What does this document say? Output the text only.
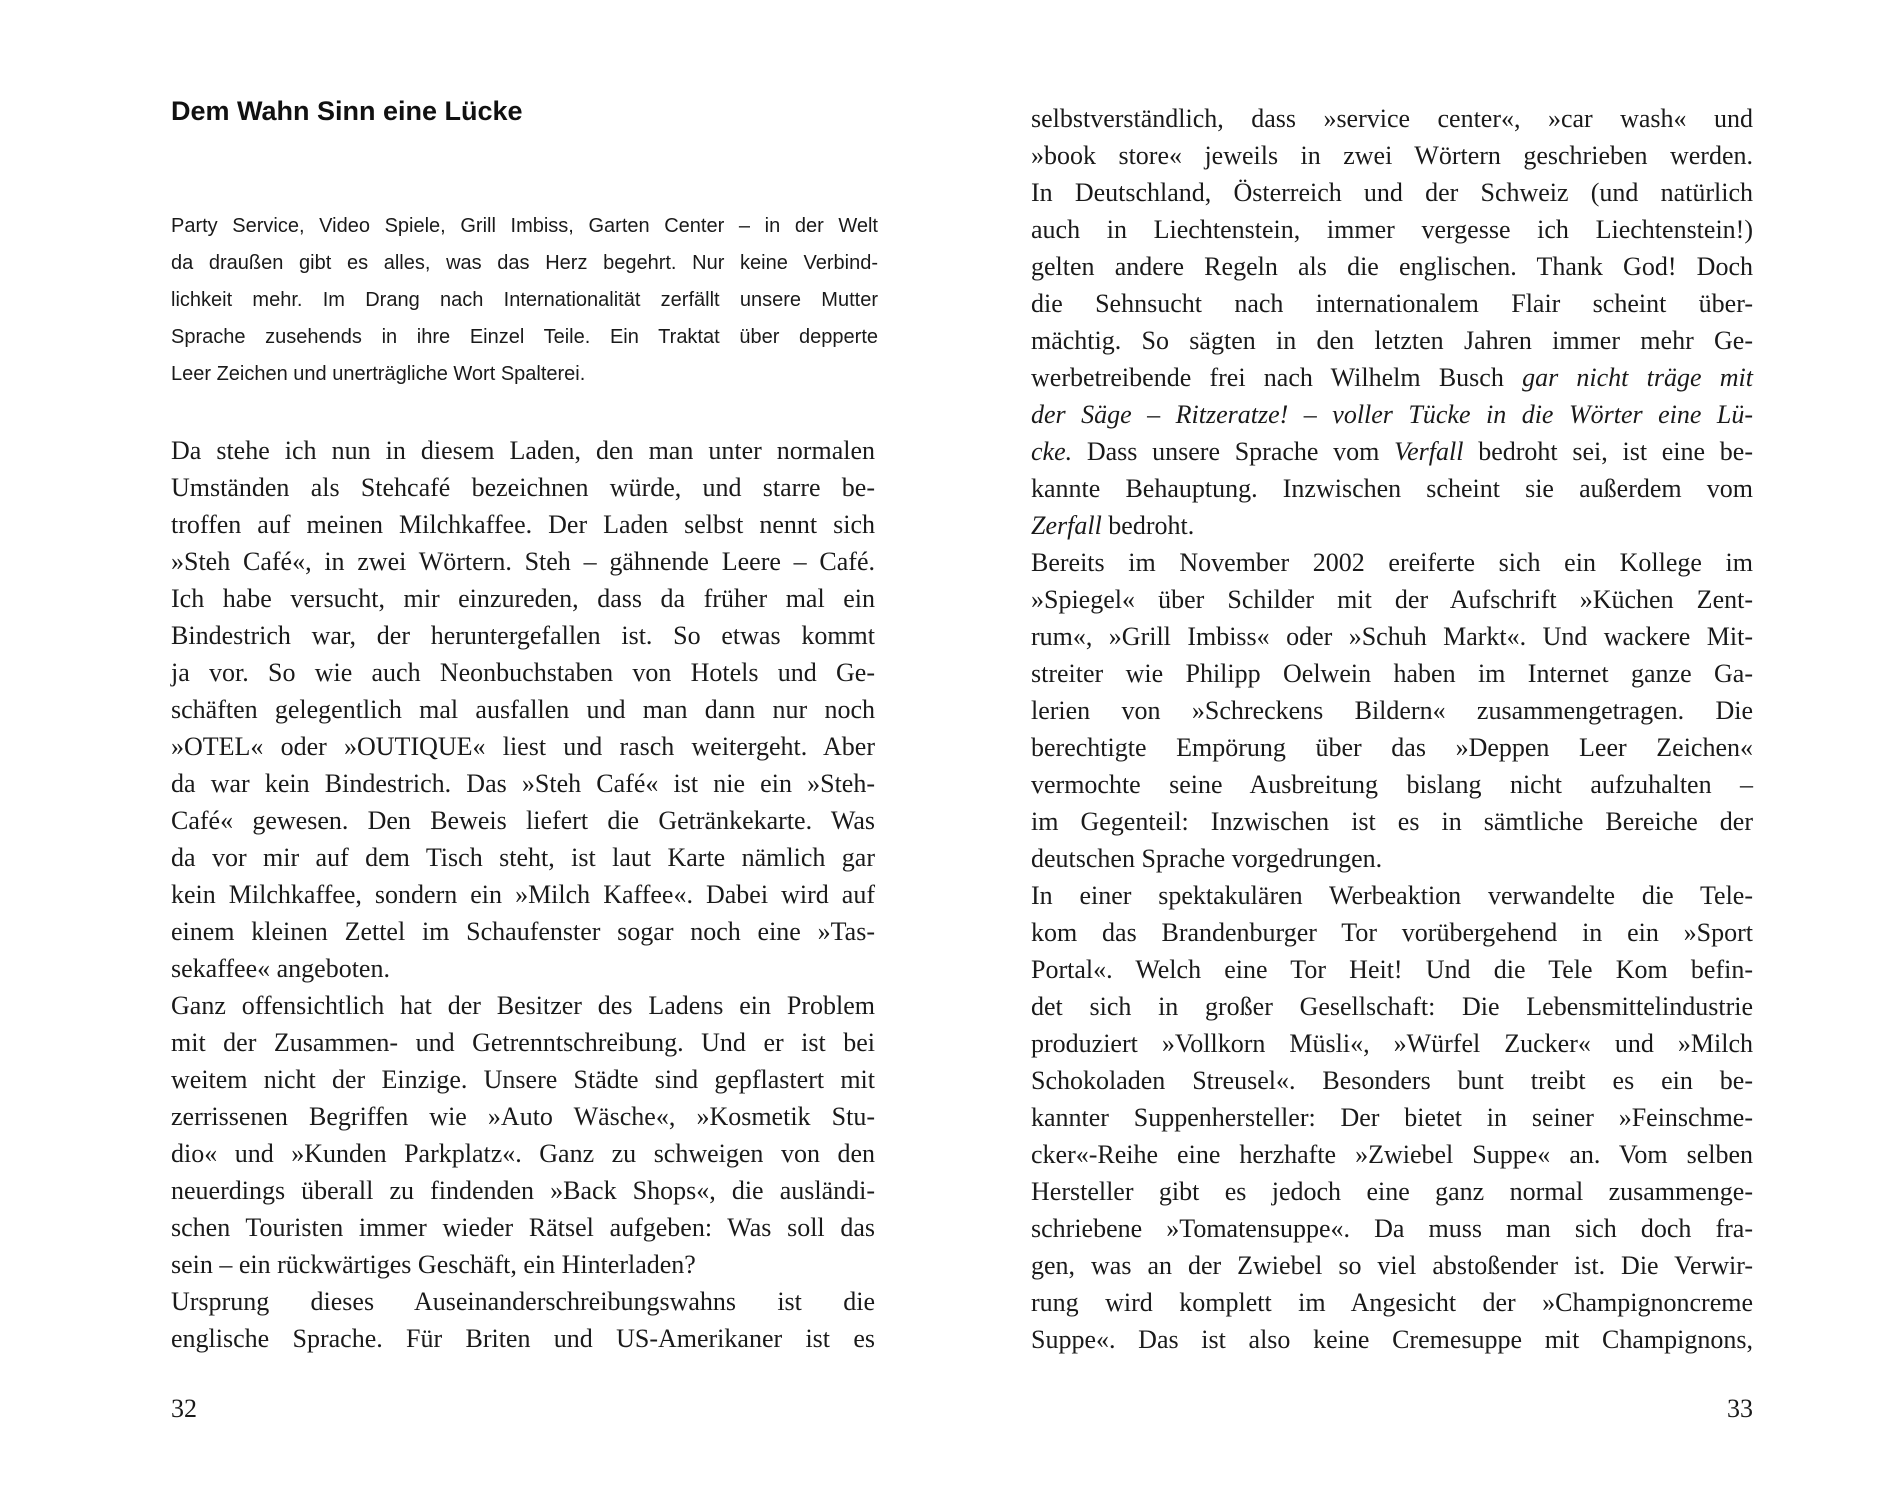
Dem Wahn Sinn eine Lücke
Party Service, Video Spiele, Grill Imbiss, Garten Center – in der Welt
da draußen gibt es alles, was das Herz begehrt. Nur keine Verbind-
lichkeit mehr. Im Drang nach Internationalität zerfällt unsere Mutter
Sprache zusehends in ihre Einzel Teile. Ein Traktat über depperte
Leer Zeichen und unerträgliche Wort Spalterei.
Da stehe ich nun in diesem Laden, den man unter normalen
Umständen als Stehcafé bezeichnen würde, und starre be-
troffen auf meinen Milchkaffee. Der Laden selbst nennt sich
»Steh Café«, in zwei Wörtern. Steh – gähnende Leere – Café.
Ich habe versucht, mir einzureden, dass da früher mal ein
Bindestrich war, der heruntergefallen ist. So etwas kommt
ja vor. So wie auch Neonbuchstaben von Hotels und Ge-
schäften gelegentlich mal ausfallen und man dann nur noch
»OTEL« oder »OUTIQUE« liest und rasch weitergeht. Aber
da war kein Bindestrich. Das »Steh Café« ist nie ein »Steh-
Café« gewesen. Den Beweis liefert die Getränkekarte. Was
da vor mir auf dem Tisch steht, ist laut Karte nämlich gar
kein Milchkaffee, sondern ein »Milch Kaffee«. Dabei wird auf
einem kleinen Zettel im Schaufenster sogar noch eine »Tas-
sekaffee« angeboten.
Ganz offensichtlich hat der Besitzer des Ladens ein Problem
mit der Zusammen- und Getrenntschreibung. Und er ist bei
weitem nicht der Einzige. Unsere Städte sind gepflastert mit
zerrissenen Begriffen wie »Auto Wäsche«, »Kosmetik Stu-
dio« und »Kunden Parkplatz«. Ganz zu schweigen von den
neuerdings überall zu findenden »Back Shops«, die ausländi-
schen Touristen immer wieder Rätsel aufgeben: Was soll das
sein – ein rückwärtiges Geschäft, ein Hinterladen?
Ursprung dieses Auseinanderschreibungswahns ist die
englische Sprache. Für Briten und US-Amerikaner ist es
32
selbstverständlich, dass »service center«, »car wash« und
»book store« jeweils in zwei Wörtern geschrieben werden.
In Deutschland, Österreich und der Schweiz (und natürlich
auch in Liechtenstein, immer vergesse ich Liechtenstein!)
gelten andere Regeln als die englischen. Thank God! Doch
die Sehnsucht nach internationalem Flair scheint über-
mächtig. So sägten in den letzten Jahren immer mehr Ge-
werbetreibende frei nach Wilhelm Busch gar nicht träge mit
der Säge – Ritzeratze! – voller Tücke in die Wörter eine Lü-
cke. Dass unsere Sprache vom Verfall bedroht sei, ist eine be-
kannte Behauptung. Inzwischen scheint sie außerdem vom
Zerfall bedroht.
Bereits im November 2002 ereiferte sich ein Kollege im
»Spiegel« über Schilder mit der Aufschrift »Küchen Zent-
rum«, »Grill Imbiss« oder »Schuh Markt«. Und wackere Mit-
streiter wie Philipp Oelwein haben im Internet ganze Ga-
lerien von »Schreckens Bildern« zusammengetragen. Die
berechtigte Empörung über das »Deppen Leer Zeichen«
vermochte seine Ausbreitung bislang nicht aufzuhalten –
im Gegenteil: Inzwischen ist es in sämtliche Bereiche der
deutschen Sprache vorgedrungen.
In einer spektakulären Werbeaktion verwandelte die Tele-
kom das Brandenburger Tor vorübergehend in ein »Sport
Portal«. Welch eine Tor Heit! Und die Tele Kom befin-
det sich in großer Gesellschaft: Die Lebensmittelindustrie
produziert »Vollkorn Müsli«, »Würfel Zucker« und »Milch
Schokoladen Streusel«. Besonders bunt treibt es ein be-
kannter Suppenhersteller: Der bietet in seiner »Feinschme-
cker«-Reihe eine herzhafte »Zwiebel Suppe« an. Vom selben
Hersteller gibt es jedoch eine ganz normal zusammenge-
schriebene »Tomatensuppe«. Da muss man sich doch fra-
gen, was an der Zwiebel so viel abstoßender ist. Die Verwir-
rung wird komplett im Angesicht der »Champignoncreme
Suppe«. Das ist also keine Cremesuppe mit Champignons,
33
